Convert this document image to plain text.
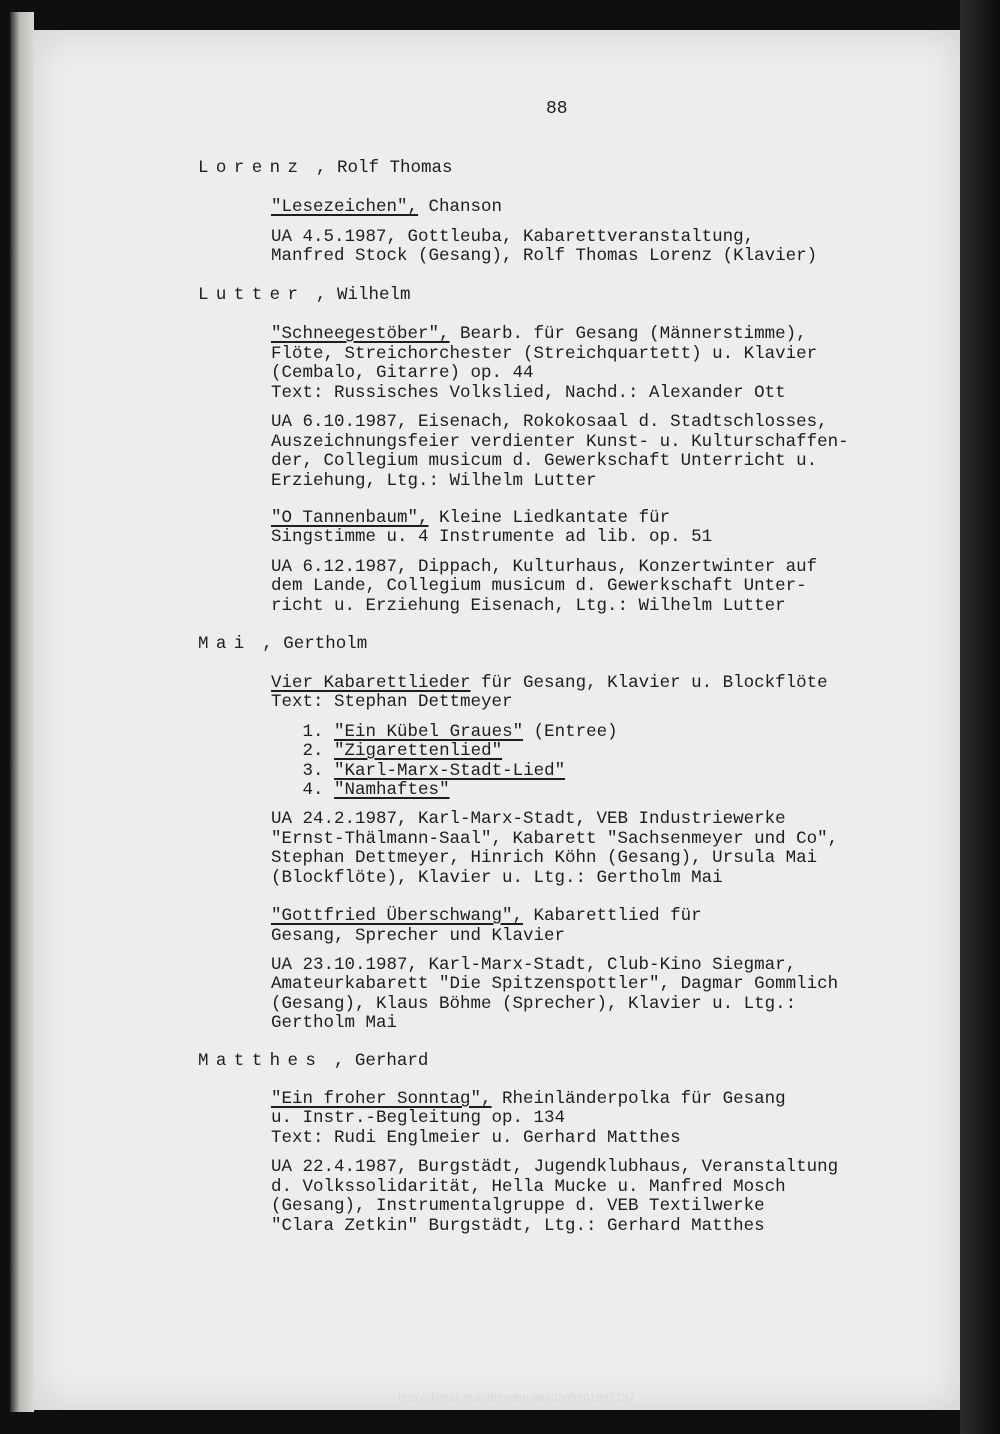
88
Lorenz , Rolf Thomas
"Lesezeichen", Chanson
UA 4.5.1987, Gottleuba, Kabarettveranstaltung,
Manfred Stock (Gesang), Rolf Thomas Lorenz (Klavier)
Lutter , Wilhelm
"Schneegestöber", Bearb. für Gesang (Männerstimme),
Flöte, Streichorchester (Streichquartett) u. Klavier
(Cembalo, Gitarre) op. 44
Text: Russisches Volkslied, Nachd.: Alexander Ott
UA 6.10.1987, Eisenach, Rokokosaal d. Stadtschlosses,
Auszeichnungsfeier verdienter Kunst- u. Kulturschaffen-
der, Collegium musicum d. Gewerkschaft Unterricht u.
Erziehung, Ltg.: Wilhelm Lutter
"O Tannenbaum", Kleine Liedkantate für
Singstimme u. 4 Instrumente ad lib. op. 51
UA 6.12.1987, Dippach, Kulturhaus, Konzertwinter auf
dem Lande, Collegium musicum d. Gewerkschaft Unter-
richt u. Erziehung Eisenach, Ltg.: Wilhelm Lutter
Mai , Gertholm
Vier Kabarettlieder für Gesang, Klavier u. Blockflöte
Text: Stephan Dettmeyer
1. "Ein Kübel Graues" (Entree)
2. "Zigarettenlied"
3. "Karl-Marx-Stadt-Lied"
4. "Namhaftes"
UA 24.2.1987, Karl-Marx-Stadt, VEB Industriewerke
"Ernst-Thälmann-Saal", Kabarett "Sachsenmeyer und Co",
Stephan Dettmeyer, Hinrich Köhn (Gesang), Ursula Mai
(Blockflöte), Klavier u. Ltg.: Gertholm Mai
"Gottfried Überschwang", Kabarettlied für
Gesang, Sprecher und Klavier
UA 23.10.1987, Karl-Marx-Stadt, Club-Kino Siegmar,
Amateurkabarett "Die Spitzenspottler", Dagmar Gommlich
(Gesang), Klaus Böhme (Sprecher), Klavier u. Ltg.:
Gertholm Mai
Matthes , Gerhard
"Ein froher Sonntag", Rheinländerpolka für Gesang
u. Instr.-Begleitung op. 134
Text: Rudi Englmeier u. Gerhard Matthes
UA 22.4.1987, Burgstädt, Jugendklubhaus, Veranstaltung
d. Volkssolidarität, Hella Mucke u. Manfred Mosch
(Gesang), Instrumentalgruppe d. VEB Textilwerke
"Clara Zetkin" Burgstädt, Ltg.: Gerhard Matthes
http://digital.slub-dresden.de/id305801897Z57
